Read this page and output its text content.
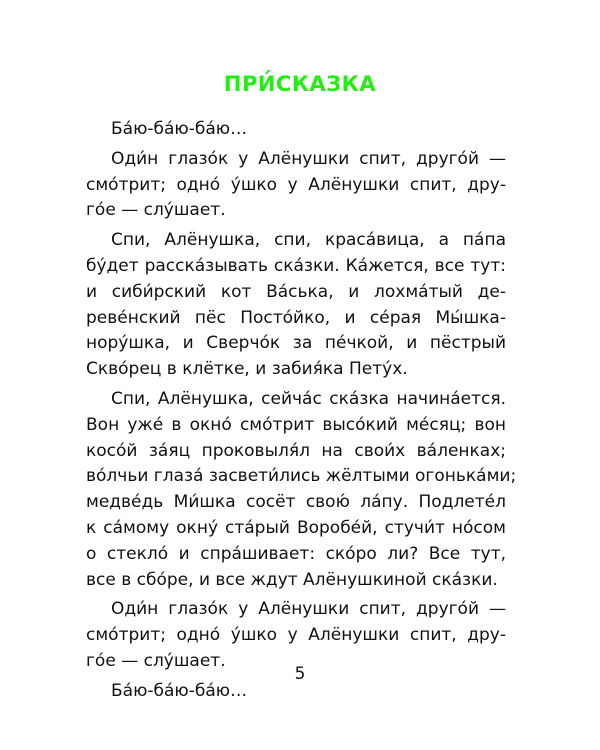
ПРИ́СКАЗКА
Ба́ю-ба́ю-ба́ю…
Оди́н глазо́к у Алёнушки спит, друго́й —
смо́трит; одно́ у́шко у Алёнушки спит, дру-
го́е — слу́шает.
Спи, Алёнушка, спи, краса́вица, а па́па
бу́дет расска́зывать ска́зки. Ка́жется, все тут:
и сиби́рский кот Ва́ська, и лохма́тый де-
реве́нский пёс Посто́йко, и се́рая Мы́шка-
нору́шка, и Сверчо́к за пе́чкой, и пёстрый
Скво́рец в клётке, и забия́ка Пету́х.
Спи, Алёнушка, сейча́с ска́зка начина́ется.
Вон уже́ в окно́ смо́трит высо́кий ме́сяц; вон
косо́й за́яц проковыля́л на свои́х ва́ленках;
во́лчьи глаза́ засвети́лись жёлтыми огонька́ми;
медве́дь Ми́шка сосёт свою́ ла́пу. Подлете́л
к са́мому окну́ ста́рый Воробе́й, стучи́т но́сом
о стекло́ и спра́шивает: ско́ро ли? Все тут,
все в сбо́ре, и все ждут Алёнушкиной ска́зки.
Оди́н глазо́к у Алёнушки спит, друго́й —
смо́трит; одно́ у́шко у Алёнушки спит, дру-
го́е — слу́шает.
Ба́ю-ба́ю-ба́ю…
5
